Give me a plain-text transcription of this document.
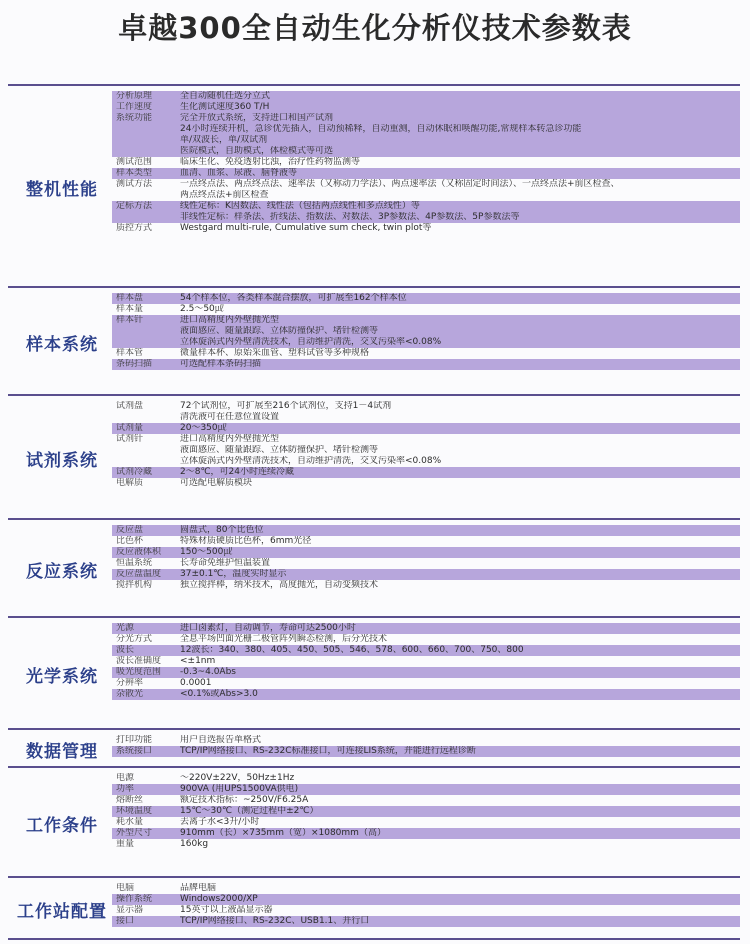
卓越300全自动生化分析仪技术参数表
整机性能
分析原理	全自动随机任选分立式
工作速度	生化测试速度360 T/H
系统功能	完全开放式系统，支持进口和国产试剂
24小时连续开机，急诊优先插入，自动预稀释，自动重测，自动休眠和唤醒功能,常规样本转急诊功能
单/双波长，单/双试剂
医院模式，自助模式，体检模式等可选
测试范围	临床生化、免疫透射比浊，治疗性药物监测等
样本类型	血清、血浆、尿液、脑脊液等
测试方法	一点终点法、两点终点法、速率法（又称动力学法）、两点速率法（又称固定时间法）、一点终点法+前区检查、
两点终点法+前区检查
定标方法	线性定标：K因数法、线性法（包括两点线性和多点线性）等
非线性定标：样条法、折线法、指数法、对数法、3P参数法、4P参数法、5P参数法等
质控方式	Westgard multi-rule, Cumulative sum check, twin plot等
样本系统
样本盘	54个样本位，各类样本混合摆放，可扩展至162个样本位
样本量	2.5～50㎕
样本针	进口高精度内外壁抛光型
液面感应、随量跟踪、立体防撞保护、堵针检测等
立体旋涡式内外壁清洗技术，自动维护清洗，交叉污染率<0.08%
样本管	微量样本杯、原始采血管、塑料试管等多种规格
条码扫描	可选配样本条码扫描
试剂系统
试剂盘	72个试剂位，可扩展至216个试剂位，支持1－4试剂
清洗液可在任意位置设置
试剂量	20～350㎕
试剂针	进口高精度内外壁抛光型
液面感应、随量跟踪、立体防撞保护、堵针检测等
立体旋涡式内外壁清洗技术，自动维护清洗，交叉污染率<0.08%
试剂冷藏	2～8℃，可24小时连续冷藏
电解质	可选配电解质模块
反应系统
反应盘	圆盘式，80个比色位
比色杯	特殊材质硬质比色杯，6mm光径
反应液体积	150～500㎕
恒温系统	长寿命免维护恒温装置
反应盘温度	37±0.1℃，温度实时显示
搅拌机构	独立搅拌棒，纳米技术，高度抛光，自动变频技术
光学系统
光源	进口卤素灯，自动调节，寿命可达2500小时
分光方式	全息平场凹面光栅二极管阵列瞬态检测，后分光技术
波长	12波长：340、380、405、450、505、546、578、600、660、700、750、800
波长准确度	<±1nm
吸光度范围	-0.3~4.0Abs
分辨率	0.0001
杂散光	<0.1%或Abs>3.0
数据管理
打印功能	用户自选报告单格式
系统接口	TCP/IP网络接口、RS-232C标准接口，可连接LIS系统，并能进行远程诊断
工作条件
电源	～220V±22V，50Hz±1Hz
功率	900VA (用UPS1500VA供电)
熔断丝	额定技术指标：~250V/F6.25A
环境温度	15℃～30℃（测定过程中±2℃）
耗水量	去离子水<3升/小时
外型尺寸	910mm（长）×735mm（宽）×1080mm（高）
重量	160kg
工作站配置
电脑	品牌电脑
操作系统	Windows2000/XP
显示器	15英寸以上液晶显示器
接口	TCP/IP网络接口、RS-232C、USB1.1、并行口
